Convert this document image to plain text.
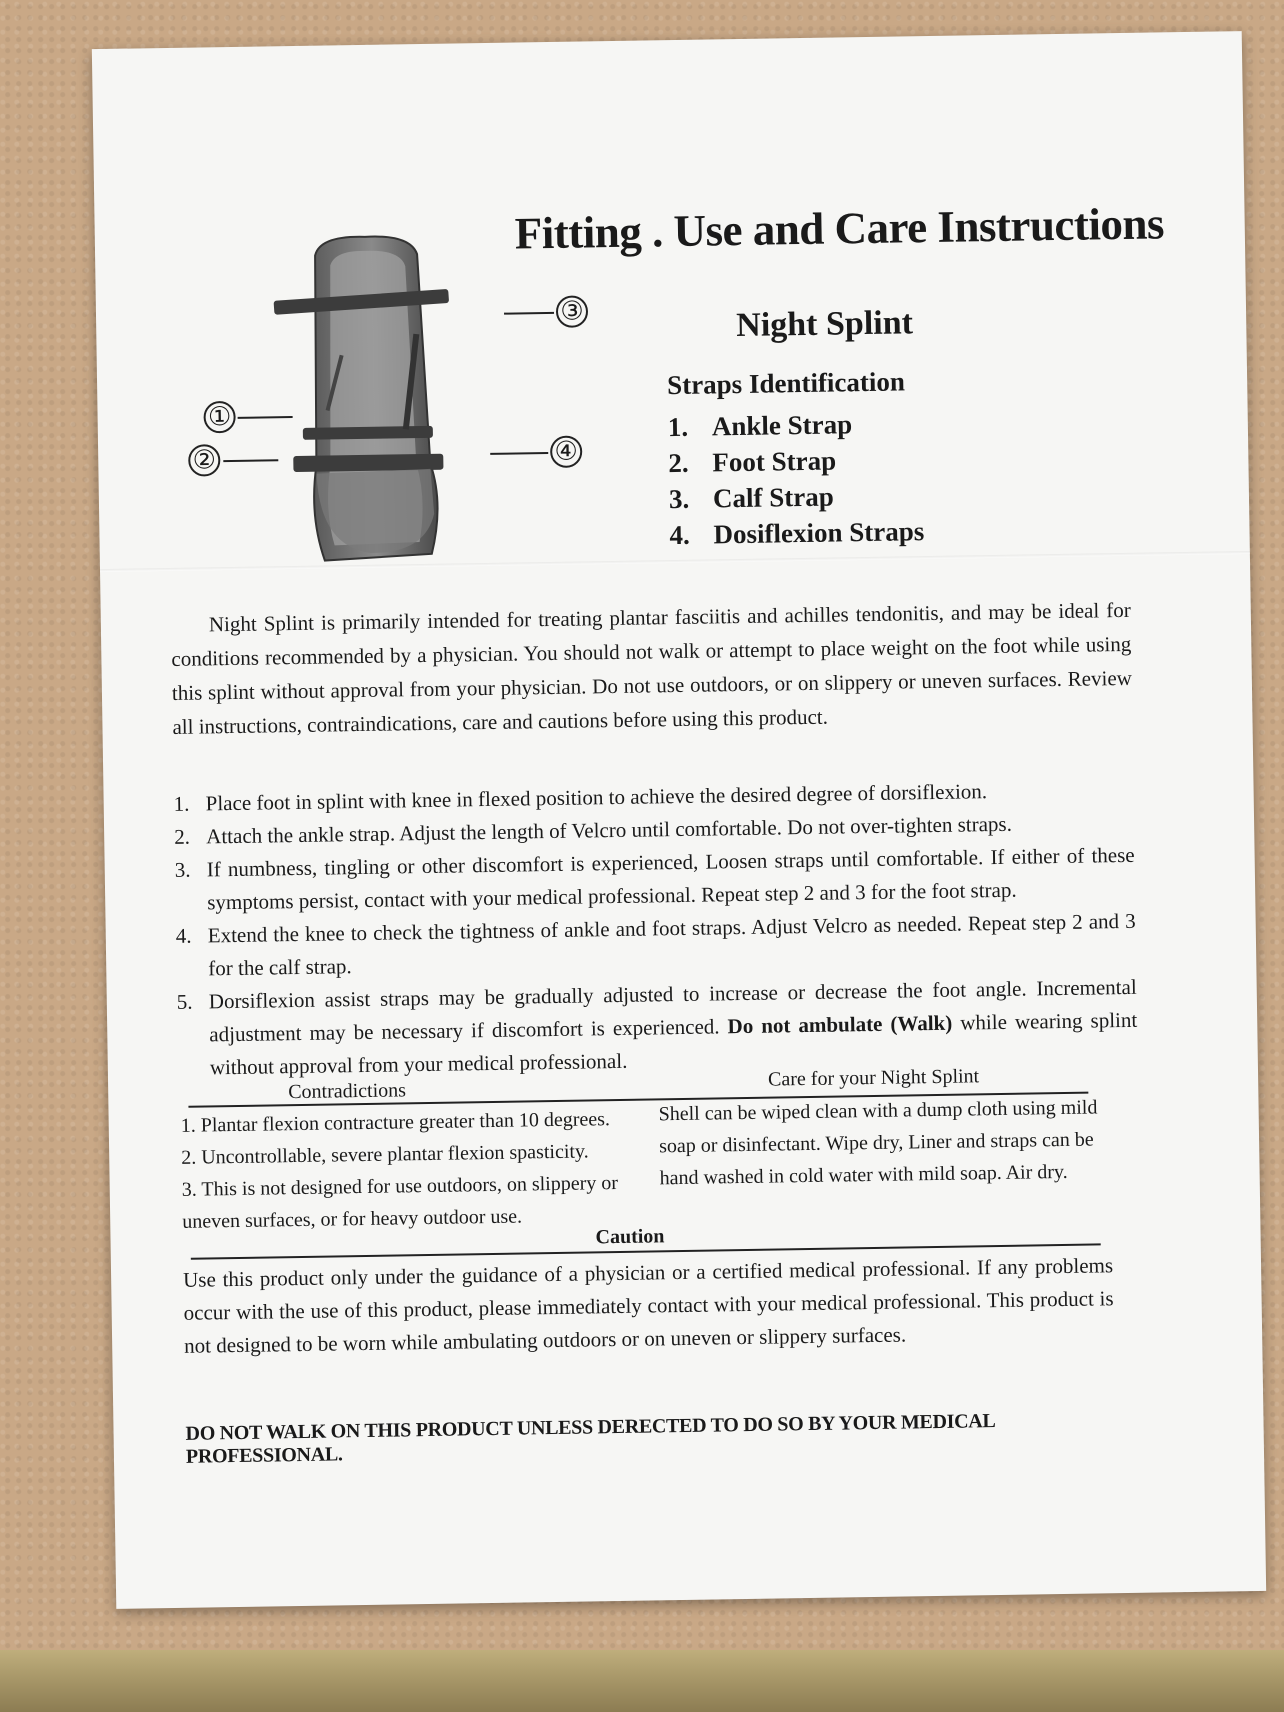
Fitting . Use and Care Instructions
③
①
②	④
Night Splint
Straps Identification
1. Ankle Strap
2. Foot Strap
3. Calf Strap
4. Dosiflexion Straps

Night Splint is primarily intended for treating plantar fasciitis and achilles tendonitis, and may be ideal for conditions recommended by a physician. You should not walk or attempt to place weight on the foot while using this splint without approval from your physician. Do not use outdoors, or on slippery or uneven surfaces. Review all instructions, contraindications, care and cautions before using this product.

1. Place foot in splint with knee in flexed position to achieve the desired degree of dorsiflexion.
2. Attach the ankle strap. Adjust the length of Velcro until comfortable. Do not over-tighten straps.
3. If numbness, tingling or other discomfort is experienced, Loosen straps until comfortable. If either of these symptoms persist, contact with your medical professional. Repeat step 2 and 3 for the foot strap.
4. Extend the knee to check the tightness of ankle and foot straps. Adjust Velcro as needed. Repeat step 2 and 3 for the calf strap.
5. Dorsiflexion assist straps may be gradually adjusted to increase or decrease the foot angle. Incremental adjustment may be necessary if discomfort is experienced. Do not ambulate (Walk) while wearing splint without approval from your medical professional.
Contradictions
Care for your Night Splint
1. Plantar flexion contracture greater than 10 degrees.
2. Uncontrollable, severe plantar flexion spasticity.
3. This is not designed for use outdoors, on slippery or uneven surfaces, or for heavy outdoor use.

Shell can be wiped clean with a dump cloth using mild soap or disinfectant. Wipe dry, Liner and straps can be hand washed in cold water with mild soap. Air dry.

Caution

Use this product only under the guidance of a physician or a certified medical professional. If any problems occur with the use of this product, please immediately contact with your medical professional. This product is not designed to be worn while ambulating outdoors or on uneven or slippery surfaces.

DO NOT WALK ON THIS PRODUCT UNLESS DERECTED TO DO SO BY YOUR MEDICAL PROFESSIONAL.
